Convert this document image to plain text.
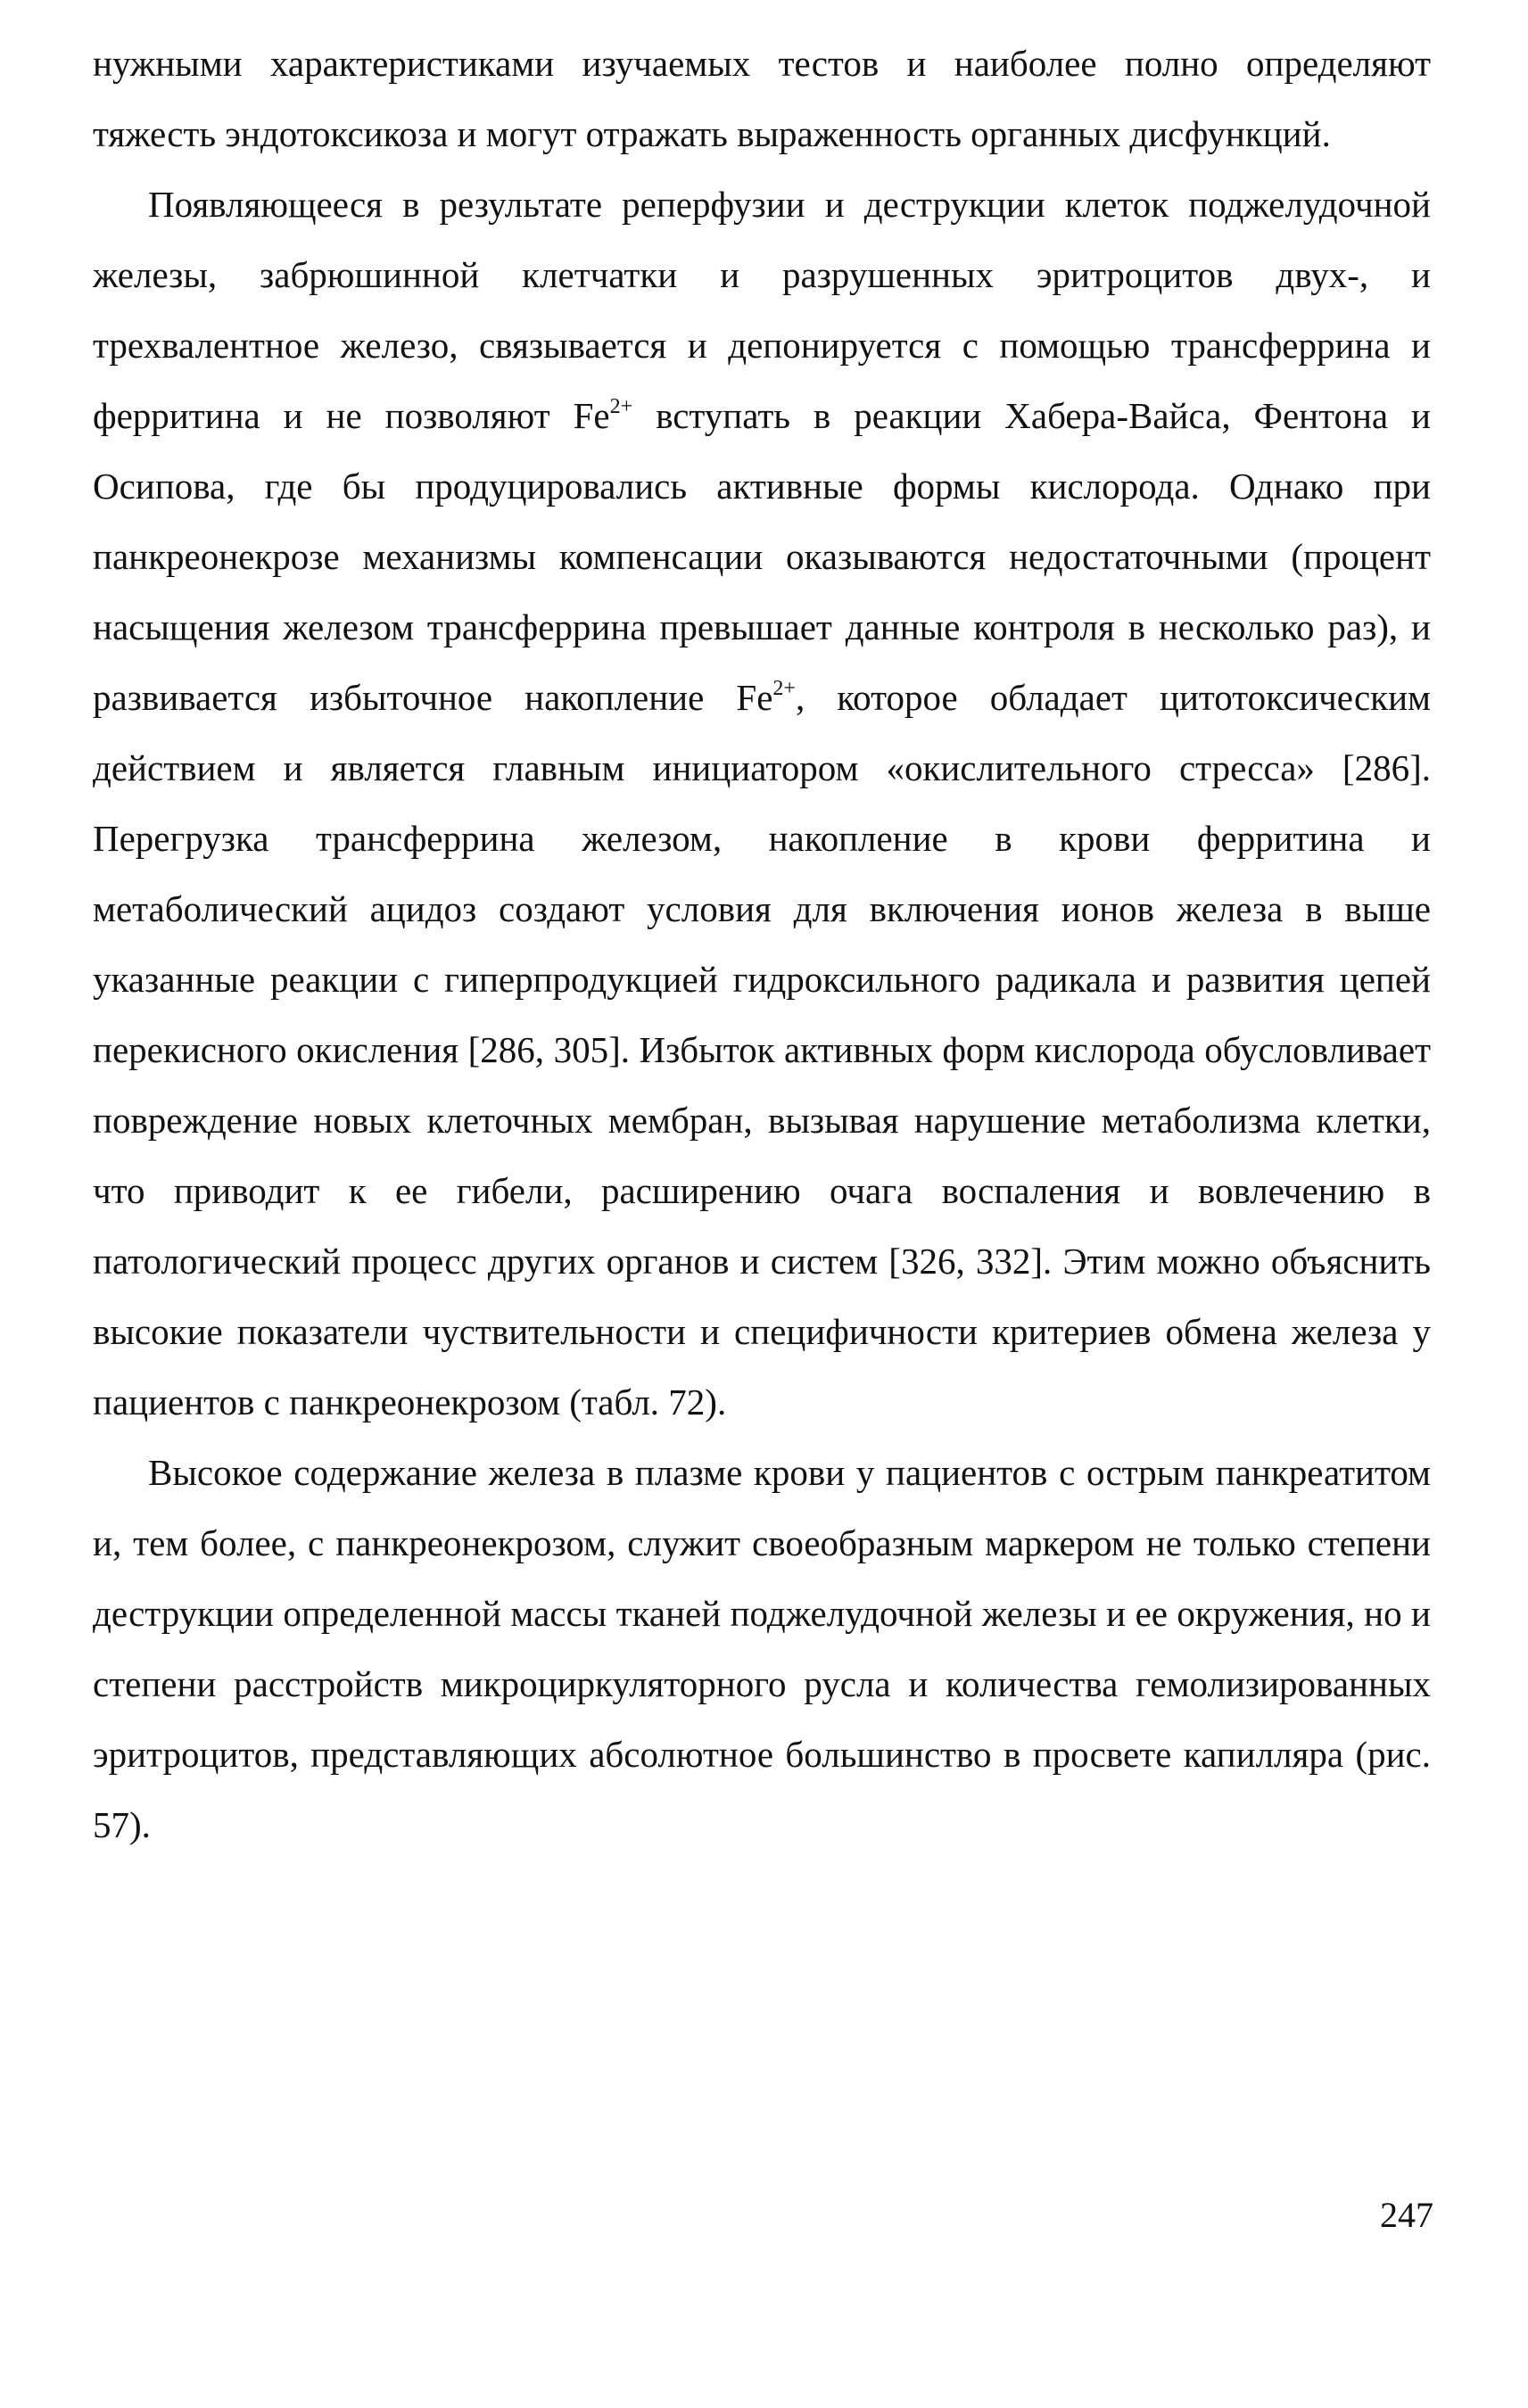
нужными характеристиками изучаемых тестов и наиболее полно определяют тяжесть эндотоксикоза и могут отражать выраженность органных дисфункций.

Появляющееся в результате реперфузии и деструкции клеток поджелудочной железы, забрюшинной клетчатки и разрушенных эритроцитов двух-, и трехвалентное железо, связывается и депонируется с помощью трансферрина и ферритина и не позволяют $Fe^{2+}$ вступать в реакции Хабера-Вайса, Фентона и Осипова, где бы продуцировались активные формы кислорода. Однако при панкреонекрозе механизмы компенсации оказываются недостаточными (процент насыщения железом трансферрина превышает данные контроля в несколько раз), и развивается избыточное накопление $Fe^{2+}$, которое обладает цитотоксическим действием и является главным инициатором «окислительного стресса» [286]. Перегрузка трансферрина железом, накопление в крови ферритина и метаболический ацидоз создают условия для включения ионов железа в выше указанные реакции с гиперпродукцией гидроксильного радикала и развития цепей перекисного окисления [286, 305]. Избыток активных форм кислорода обусловливает повреждение новых клеточных мембран, вызывая нарушение метаболизма клетки, что приводит к ее гибели, расширению очага воспаления и вовлечению в патологический процесс других органов и систем [326, 332]. Этим можно объяснить высокие показатели чуствительности и специфичности критериев обмена железа у пациентов с панкреонекрозом (табл. 72).

Высокое содержание железа в плазме крови у пациентов с острым панкреатитом и, тем более, с панкреонекрозом, служит своеобразным маркером не только степени деструкции определенной массы тканей поджелудочной железы и ее окружения, но и степени расстройств микроциркуляторного русла и количества гемолизированных эритроцитов, представляющих абсолютное большинство в просвете капилляра (рис. 57).

247
